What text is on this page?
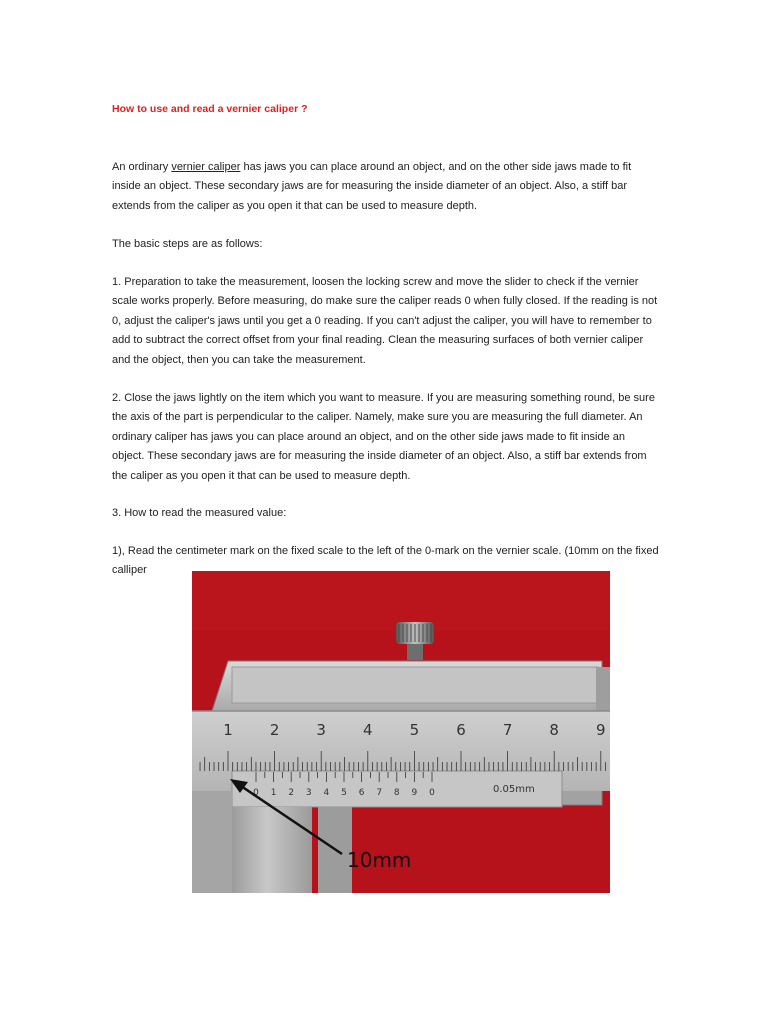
How to use and read a vernier caliper ?

An ordinary vernier caliper has jaws you can place around an object, and on the other side jaws made to fit inside an object. These secondary jaws are for measuring the inside diameter of an object. Also, a stiff bar extends from the caliper as you open it that can be used to measure depth.

The basic steps are as follows:

1. Preparation to take the measurement, loosen the locking screw and move the slider to check if the vernier scale works properly. Before measuring, do make sure the caliper reads 0 when fully closed. If the reading is not 0, adjust the caliper's jaws until you get a 0 reading. If you can't adjust the caliper, you will have to remember to add to subtract the correct offset from your final reading. Clean the measuring surfaces of both vernier caliper and the object, then you can take the measurement.

2. Close the jaws lightly on the item which you want to measure. If you are measuring something round, be sure the axis of the part is perpendicular to the caliper. Namely, make sure you are measuring the full diameter. An ordinary caliper has jaws you can place around an object, and on the other side jaws made to fit inside an object. These secondary jaws are for measuring the inside diameter of an object. Also, a stiff bar extends from the caliper as you open it that can be used to measure depth.

3. How to read the measured value:

1), Read the centimeter mark on the fixed scale to the left of the 0-mark on the vernier scale. (10mm on the fixed calliper

1 2 3 4 5 6 7 8 9
0 1 2 3 4 5 6 7 8 9 0	0.05mm
10mm
